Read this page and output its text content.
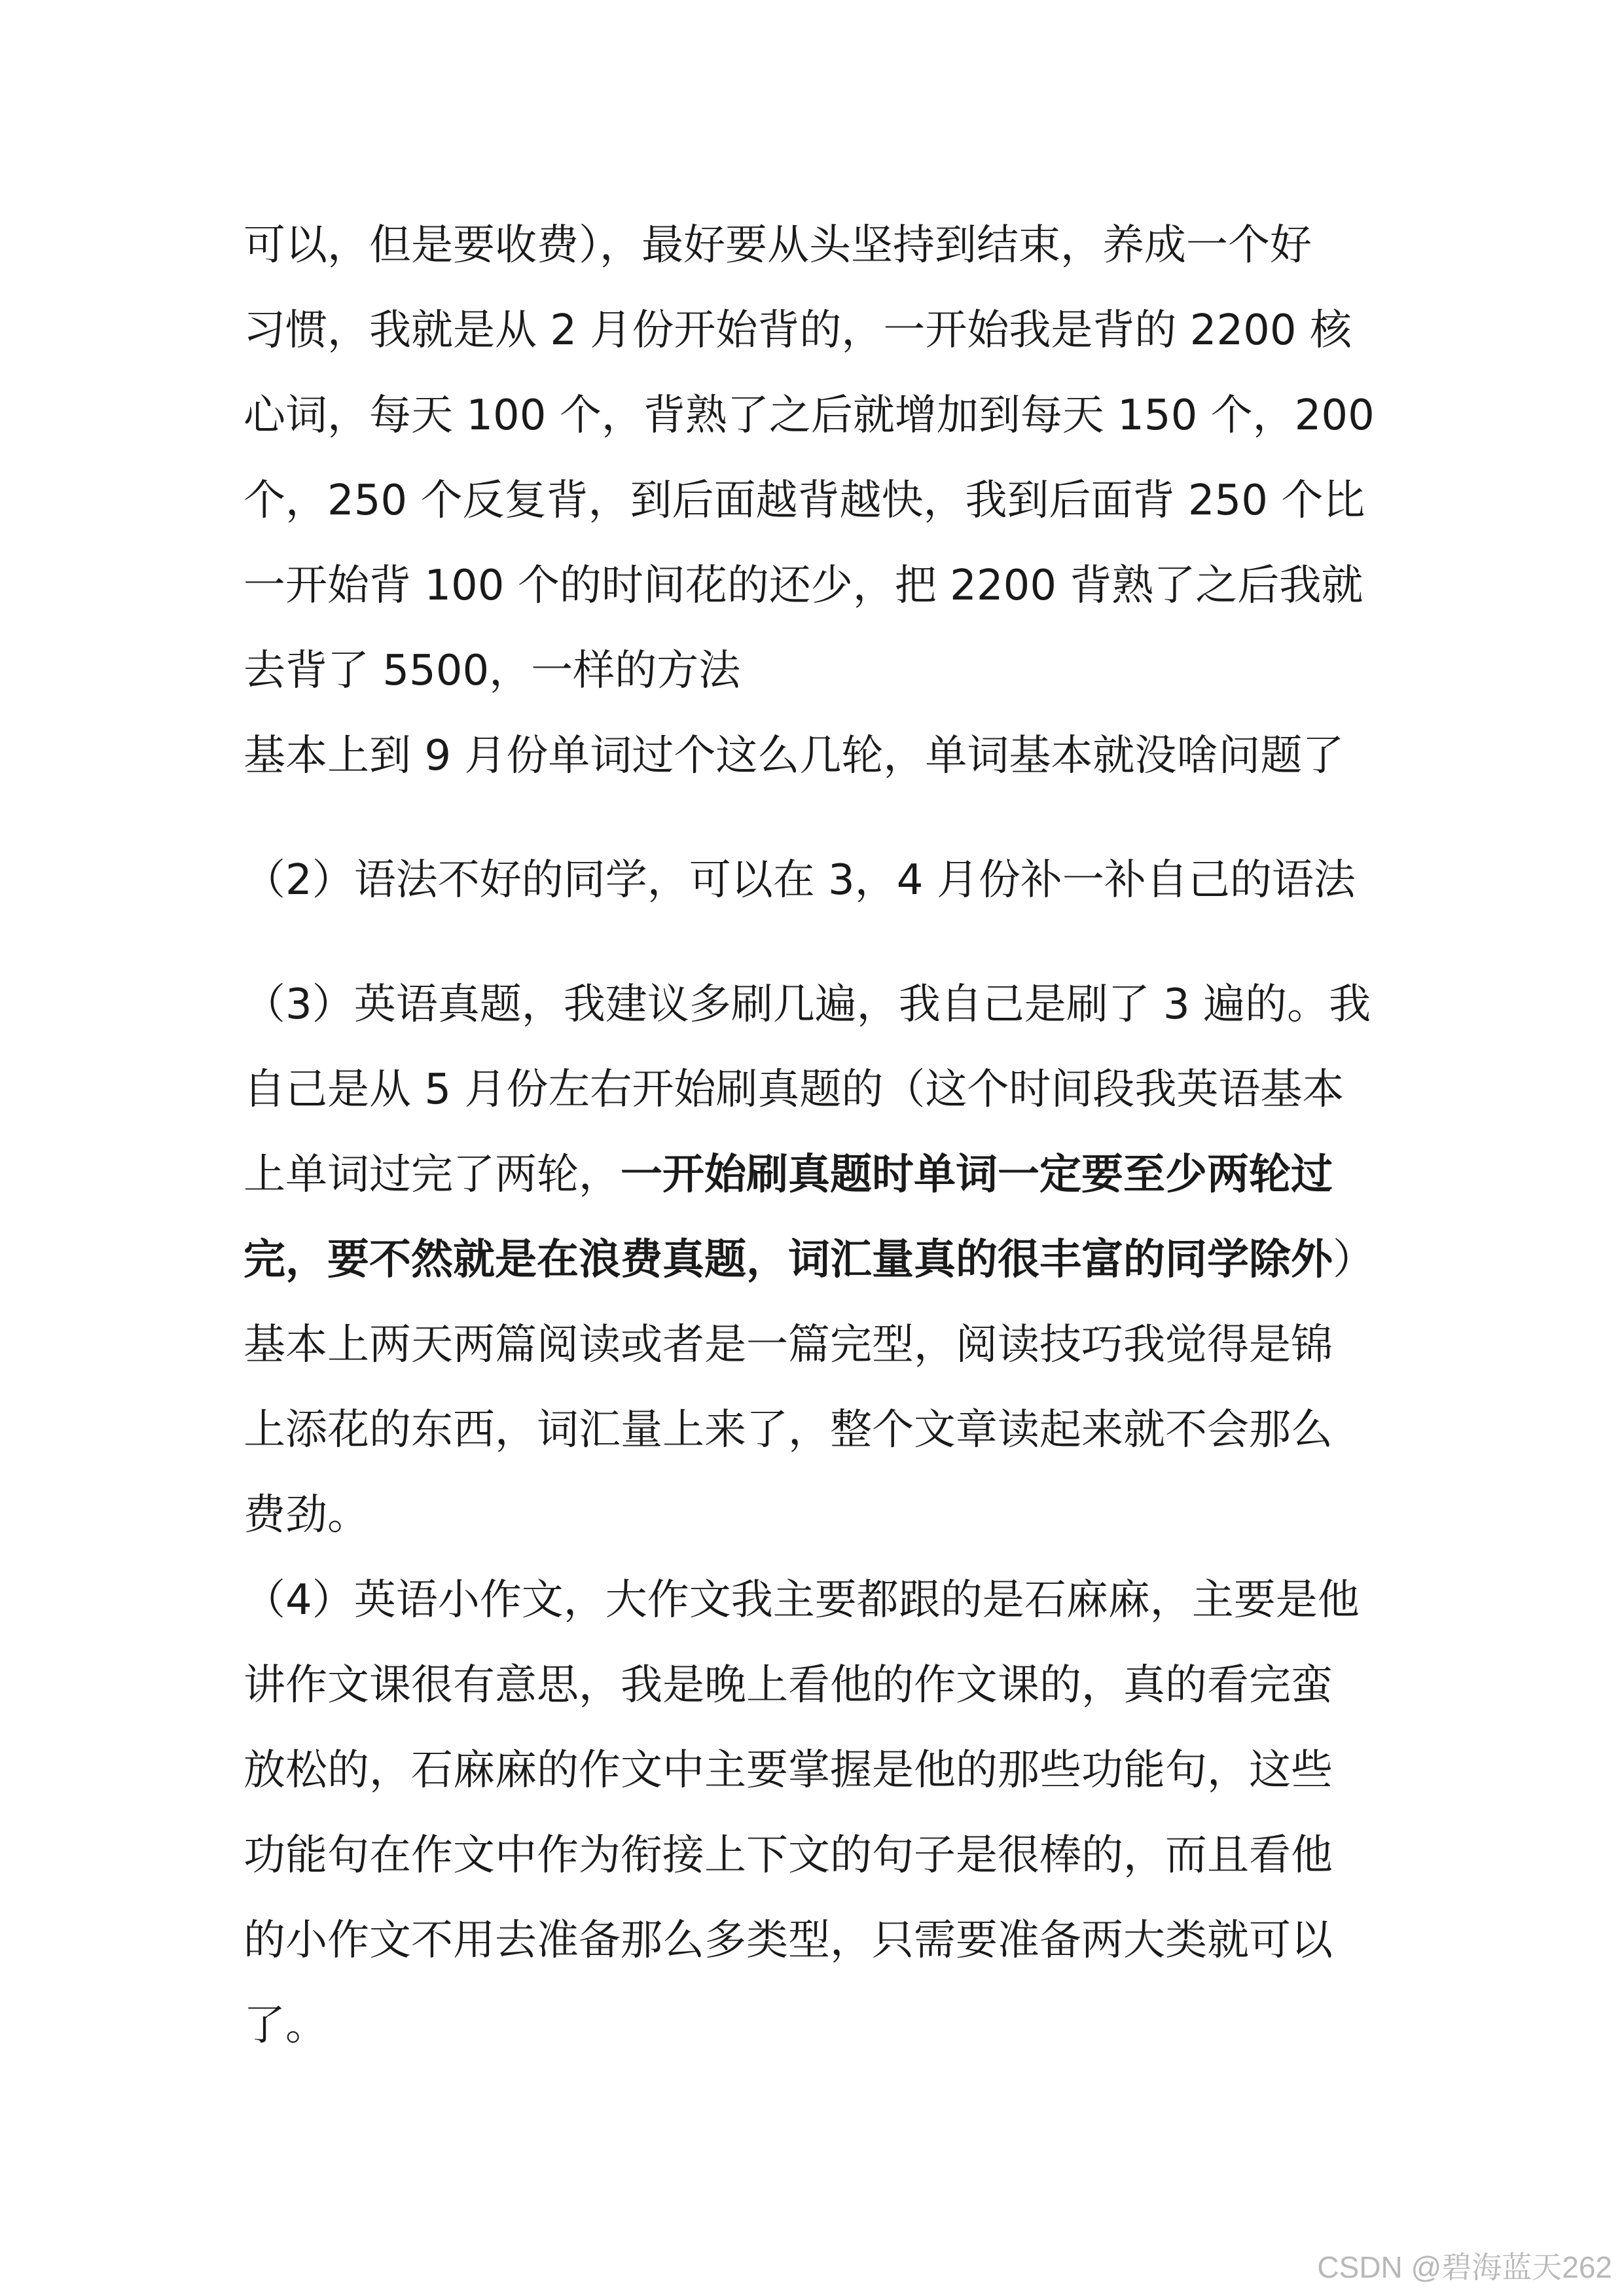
可以，但是要收费），最好要从头坚持到结束，养成一个好
习惯，我就是从 2 月份开始背的，一开始我是背的 2200 核
心词，每天 100 个，背熟了之后就增加到每天 150 个，200
个，250 个反复背，到后面越背越快，我到后面背 250 个比
一开始背 100 个的时间花的还少，把 2200 背熟了之后我就
去背了 5500，一样的方法
基本上到 9 月份单词过个这么几轮，单词基本就没啥问题了
（2）语法不好的同学，可以在 3，4 月份补一补自己的语法
（3）英语真题，我建议多刷几遍，我自己是刷了 3 遍的。我
自己是从 5 月份左右开始刷真题的（这个时间段我英语基本
上单词过完了两轮，一开始刷真题时单词一定要至少两轮过
完，要不然就是在浪费真题，词汇量真的很丰富的同学除外）
基本上两天两篇阅读或者是一篇完型，阅读技巧我觉得是锦
上添花的东西，词汇量上来了，整个文章读起来就不会那么
费劲。
（4）英语小作文，大作文我主要都跟的是石麻麻，主要是他
讲作文课很有意思，我是晚上看他的作文课的，真的看完蛮
放松的，石麻麻的作文中主要掌握是他的那些功能句，这些
功能句在作文中作为衔接上下文的句子是很棒的，而且看他
的小作文不用去准备那么多类型，只需要准备两大类就可以
了。
CSDN @碧海蓝天262
